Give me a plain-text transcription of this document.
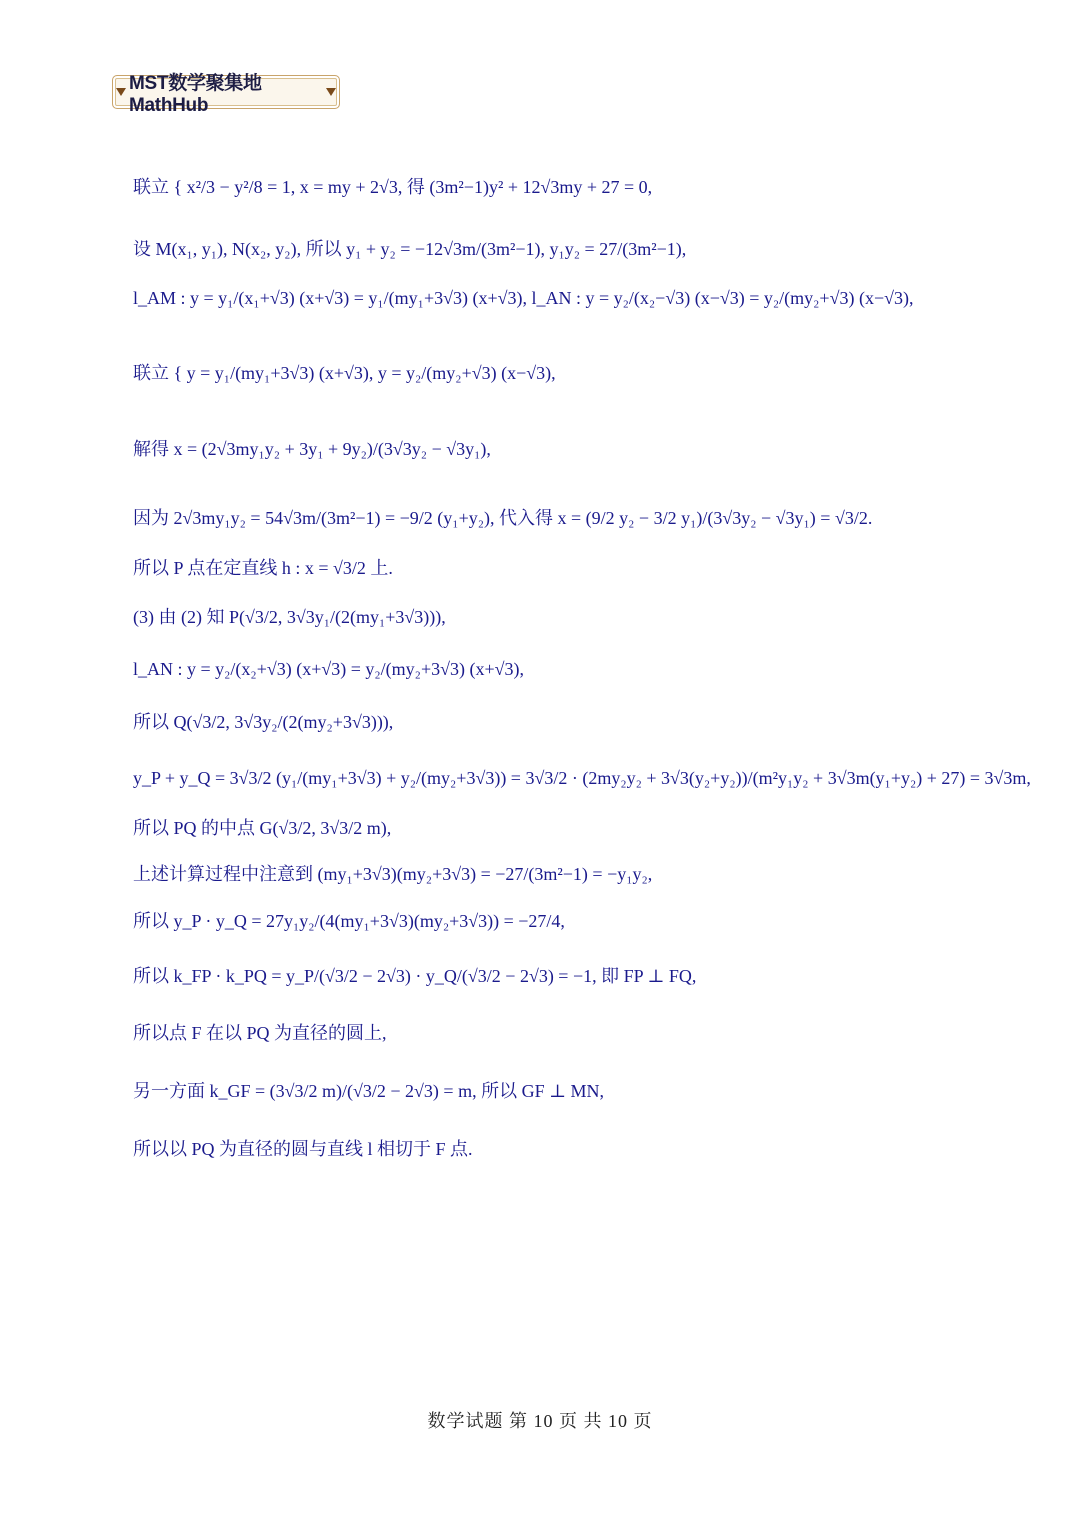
MST数学聚集地MathHub
联立 { x²/3 − y²/8 = 1, x = my + 2√3, 得 (3m²−1)y² + 12√3my + 27 = 0,
设 M(x₁, y₁), N(x₂, y₂), 所以 y₁ + y₂ = −12√3m/(3m²−1), y₁y₂ = 27/(3m²−1),
l_AM : y = y₁/(x₁+√3) (x+√3) = y₁/(my₁+3√3) (x+√3), l_AN : y = y₂/(x₂−√3) (x−√3) = y₂/(my₂+√3) (x−√3),
联立 { y = y₁/(my₁+3√3) (x+√3), y = y₂/(my₂+√3) (x−√3),
解得 x = (2√3my₁y₂ + 3y₁ + 9y₂)/(3√3y₂ − √3y₁),
因为 2√3my₁y₂ = 54√3m/(3m²−1) = −9/2 (y₁+y₂), 代入得 x = (9/2 y₂ − 3/2 y₁)/(3√3y₂ − √3y₁) = √3/2.
所以 P 点在定直线 h : x = √3/2 上.
(3) 由 (2) 知 P(√3/2, 3√3y₁/(2(my₁+3√3))),
l_AN : y = y₂/(x₂+√3) (x+√3) = y₂/(my₂+3√3) (x+√3),
所以 Q(√3/2, 3√3y₂/(2(my₂+3√3))),
y_P + y_Q = 3√3/2 (y₁/(my₁+3√3) + y₂/(my₂+3√3)) = 3√3/2 · (2my₂y₂ + 3√3(y₂+y₂))/(m²y₁y₂ + 3√3m(y₁+y₂) + 27) = 3√3m,
所以 PQ 的中点 G(√3/2, 3√3/2 m),
上述计算过程中注意到 (my₁+3√3)(my₂+3√3) = −27/(3m²−1) = −y₁y₂,
所以 y_P · y_Q = 27y₁y₂/(4(my₁+3√3)(my₂+3√3)) = −27/4,
所以 k_FP · k_PQ = y_P/(√3/2 − 2√3) · y_Q/(√3/2 − 2√3) = −1, 即 FP ⊥ FQ,
所以点 F 在以 PQ 为直径的圆上,
另一方面 k_GF = (3√3/2 m)/(√3/2 − 2√3) = m, 所以 GF ⊥ MN,
所以以 PQ 为直径的圆与直线 l 相切于 F 点.
数学试题 第 10 页 共 10 页
